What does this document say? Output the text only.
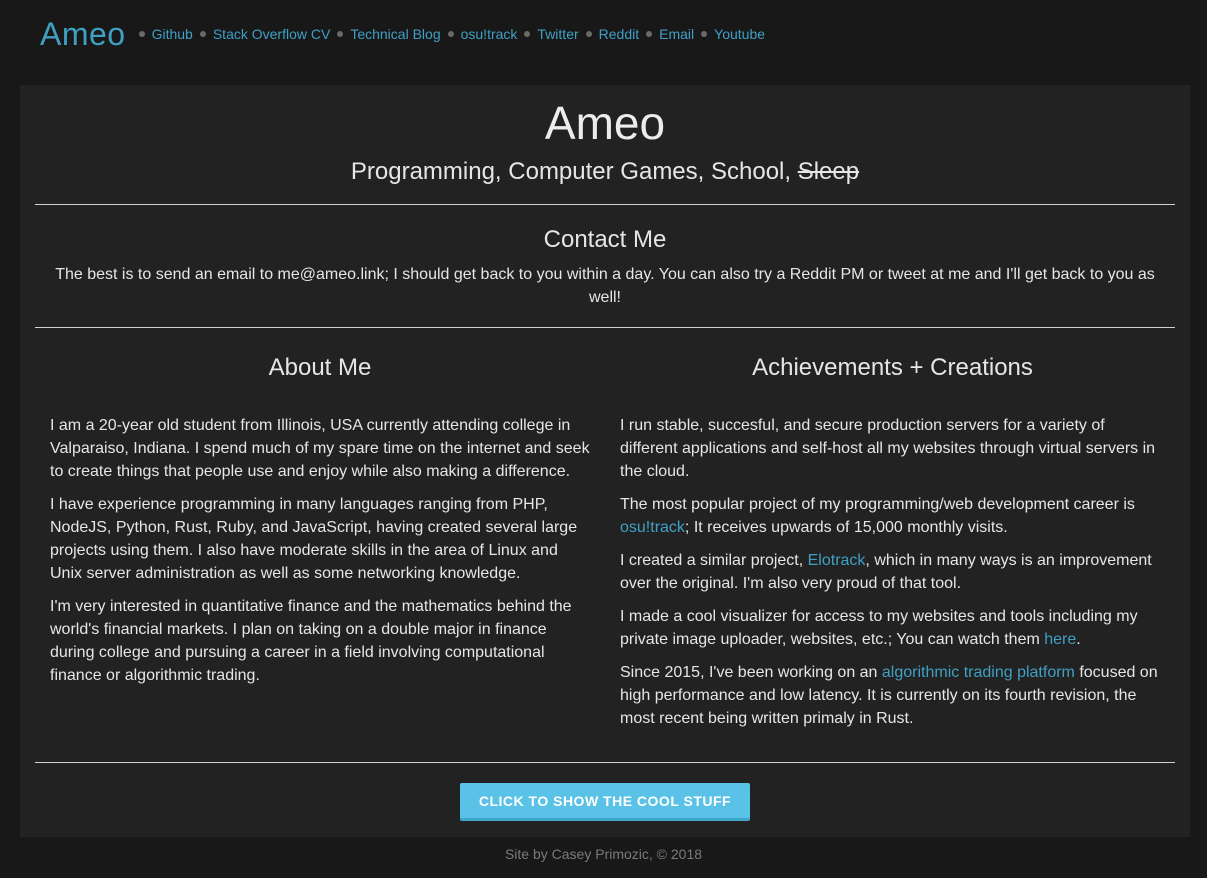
Ameo Github Stack Overflow CV Technical Blog osu!track Twitter Reddit Email Youtube
Ameo
Programming, Computer Games, School, Sleep
Contact Me
The best is to send an email to me@ameo.link; I should get back to you within a day. You can also try a Reddit PM or tweet at me and I'll get back to you as well!
About Me

I am a 20-year old student from Illinois, USA currently attending college in Valparaiso, Indiana. I spend much of my spare time on the internet and seek to create things that people use and enjoy while also making a difference.

I have experience programming in many languages ranging from PHP, NodeJS, Python, Rust, Ruby, and JavaScript, having created several large projects using them. I also have moderate skills in the area of Linux and Unix server administration as well as some networking knowledge.

I'm very interested in quantitative finance and the mathematics behind the world's financial markets. I plan on taking on a double major in finance during college and pursuing a career in a field involving computational finance or algorithmic trading.

Achievements + Creations

I run stable, succesful, and secure production servers for a variety of different applications and self-host all my websites through virtual servers in the cloud.

The most popular project of my programming/web development career is osu!track; It receives upwards of 15,000 monthly visits.

I created a similar project, Elotrack, which in many ways is an improvement over the original. I'm also very proud of that tool.

I made a cool visualizer for access to my websites and tools including my private image uploader, websites, etc.; You can watch them here.

Since 2015, I've been working on an algorithmic trading platform focused on high performance and low latency. It is currently on its fourth revision, the most recent being written primaly in Rust.

CLICK TO SHOW THE COOL STUFF
Site by Casey Primozic, © 2018
